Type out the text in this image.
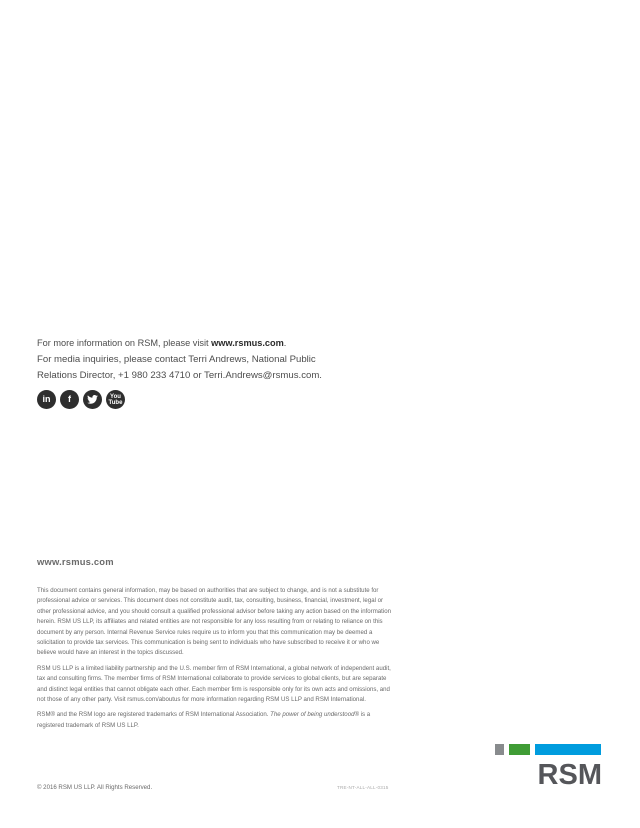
For more information on RSM, please visit www.rsmus.com.
For media inquiries, please contact Terri Andrews, National Public
Relations Director, +1 980 233 4710 or Terri.Andrews@rsmus.com.
in	f	You
Tube
www.rsmus.com

This document contains general information, may be based on authorities that are subject to change, and is not a substitute for professional advice or services. This document does not constitute audit, tax, consulting, business, financial, investment, legal or other professional advice, and you should consult a qualified professional advisor before taking any action based on the information herein. RSM US LLP, its affiliates and related entities are not responsible for any loss resulting from or relating to reliance on this document by any person. Internal Revenue Service rules require us to inform you that this communication may be deemed a solicitation to provide tax services. This communication is being sent to individuals who have subscribed to receive it or who we believe would have an interest in the topics discussed.

RSM US LLP is a limited liability partnership and the U.S. member firm of RSM International, a global network of independent audit, tax and consulting firms. The member firms of RSM International collaborate to provide services to global clients, but are separate and distinct legal entities that cannot obligate each other. Each member firm is responsible only for its own acts and omissions, and not those of any other party. Visit rsmus.com/aboutus for more information regarding RSM US LLP and RSM International.

RSM® and the RSM logo are registered trademarks of RSM International Association. The power of being understood® is a registered trademark of RSM US LLP.

© 2016 RSM US LLP. All Rights Reserved.	TRE-NT-ALL-ALL-0315	RSM
